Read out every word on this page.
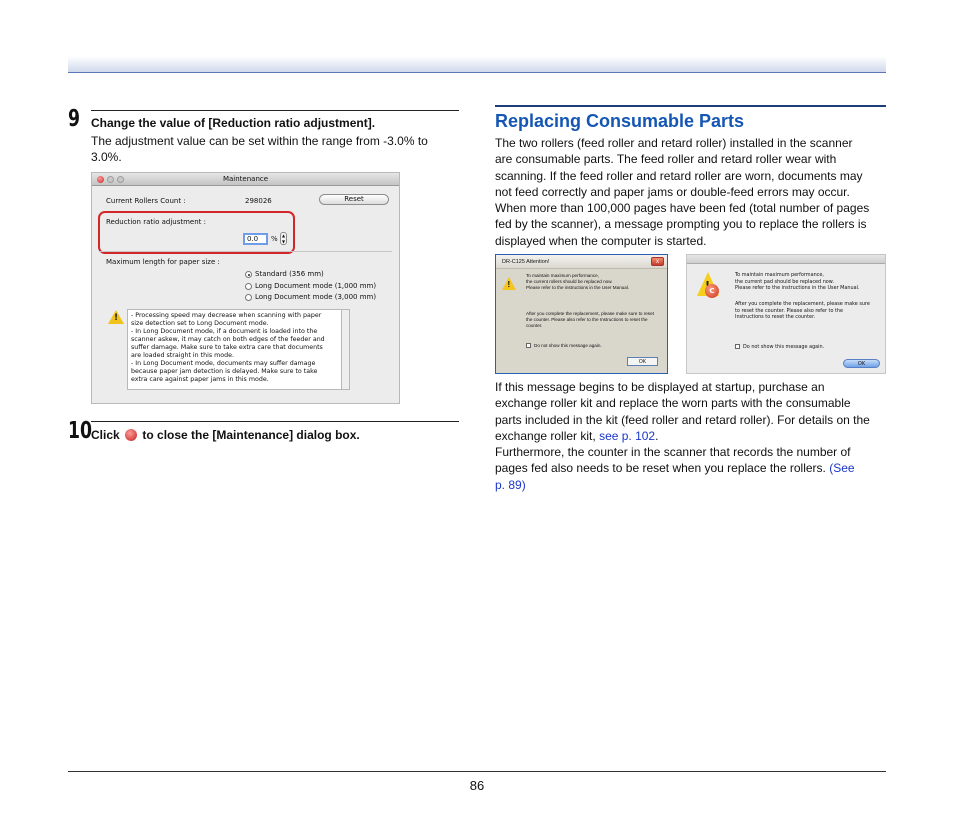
9 Change the value of [Reduction ratio adjustment].
The adjustment value can be set within the range from -3.0% to
3.0%.
Maintenance
Current Rollers Count :	298026	Reset
Reduction ratio adjustment :
0.0	%	▲
▼
Maximum length for paper size :
Standard (356 mm)
Long Document mode (1,000 mm)
Long Document mode (3,000 mm)
! - Processing speed may decrease when scanning with paper
size detection set to Long Document mode.
- In Long Document mode, if a document is loaded into the
scanner askew, it may catch on both edges of the feeder and
suffer damage. Make sure to take extra care that documents
are loaded straight in this mode.
- In Long Document mode, documents may suffer damage
because paper jam detection is delayed. Make sure to take
extra care against paper jams in this mode.
10
Click to close the [Maintenance] dialog box.
Replacing Consumable Parts
The two rollers (feed roller and retard roller) installed in the scanner
are consumable parts. The feed roller and retard roller wear with
scanning. If the feed roller and retard roller are worn, documents may
not feed correctly and paper jams or double-feed errors may occur.
When more than 100,000 pages have been fed (total number of pages
fed by the scanner), a message prompting you to replace the rollers is
displayed when the computer is started.
DR-C125 Attention!	x
!
To maintain maximum performance,
the current rollers should be replaced now.
Please refer to the instructions in the User Manual.
After you complete the replacement, please make sure to reset
the counter. Please also refer to the Instructions to reset the
counter.
Do not show this message again.
OK
C
To maintain maximum performance,
the current pad should be replaced now.
Please refer to the instructions in the User Manual.
After you complete the replacement, please make sure
to reset the counter. Please also refer to the
Instructions to reset the counter.
Do not show this message again.
OK
If this message begins to be displayed at startup, purchase an
exchange roller kit and replace the worn parts with the consumable
parts included in the kit (feed roller and retard roller). For details on the
exchange roller kit, see p. 102.
Furthermore, the counter in the scanner that records the number of
pages fed also needs to be reset when you replace the rollers. (See
p. 89)
86
